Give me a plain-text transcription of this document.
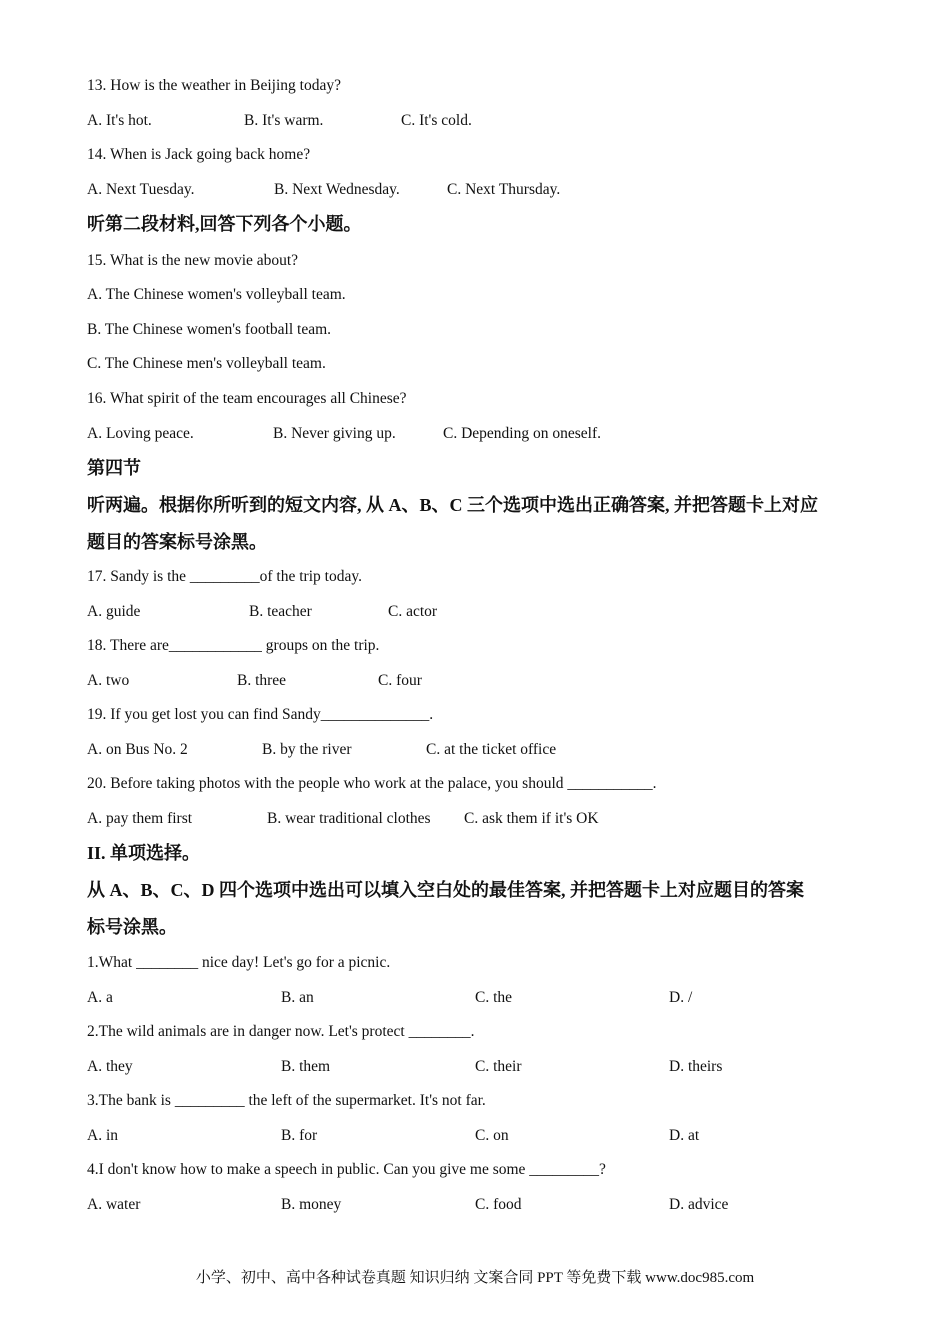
13. How is the weather in Beijing today?
A. It's hot.	B. It's warm.	C. It's cold.
14. When is Jack going back home?
A. Next Tuesday.	B. Next Wednesday.	C. Next Thursday.
听第二段材料,回答下列各个小题。
15. What is the new movie about?
A. The Chinese women's volleyball team.
B. The Chinese women's football team.
C. The Chinese men's volleyball team.
16. What spirit of the team encourages all Chinese?
A. Loving peace.	B. Never giving up.	C. Depending on oneself.
第四节
听两遍。根据你所听到的短文内容, 从 A、B、C 三个选项中选出正确答案, 并把答题卡上对应
题目的答案标号涂黑。
17. Sandy is the _________of the trip today.
A. guide	B. teacher	C. actor
18. There are____________ groups on the trip.
A. two	B. three	C. four
19. If you get lost you can find Sandy______________.
A. on Bus No. 2	B. by the river	C. at the ticket office
20. Before taking photos with the people who work at the palace, you should ___________.
A. pay them first	B. wear traditional clothes C. ask them if it's OK
II. 单项选择。
从 A、B、C、D 四个选项中选出可以填入空白处的最佳答案, 并把答题卡上对应题目的答案
标号涂黑。
1.What ________ nice day! Let's go for a picnic.
A. a	B. an	C. the	D. /
2.The wild animals are in danger now. Let's protect ________.
A. they	B. them	C. their	D. theirs
3.The bank is _________ the left of the supermarket. It's not far.
A. in	B. for	C. on	D. at
4.I don't know how to make a speech in public. Can you give me some _________?
A. water	B. money	C. food	D. advice
小学、初中、高中各种试卷真题 知识归纳 文案合同 PPT 等免费下载 www.doc985.com
